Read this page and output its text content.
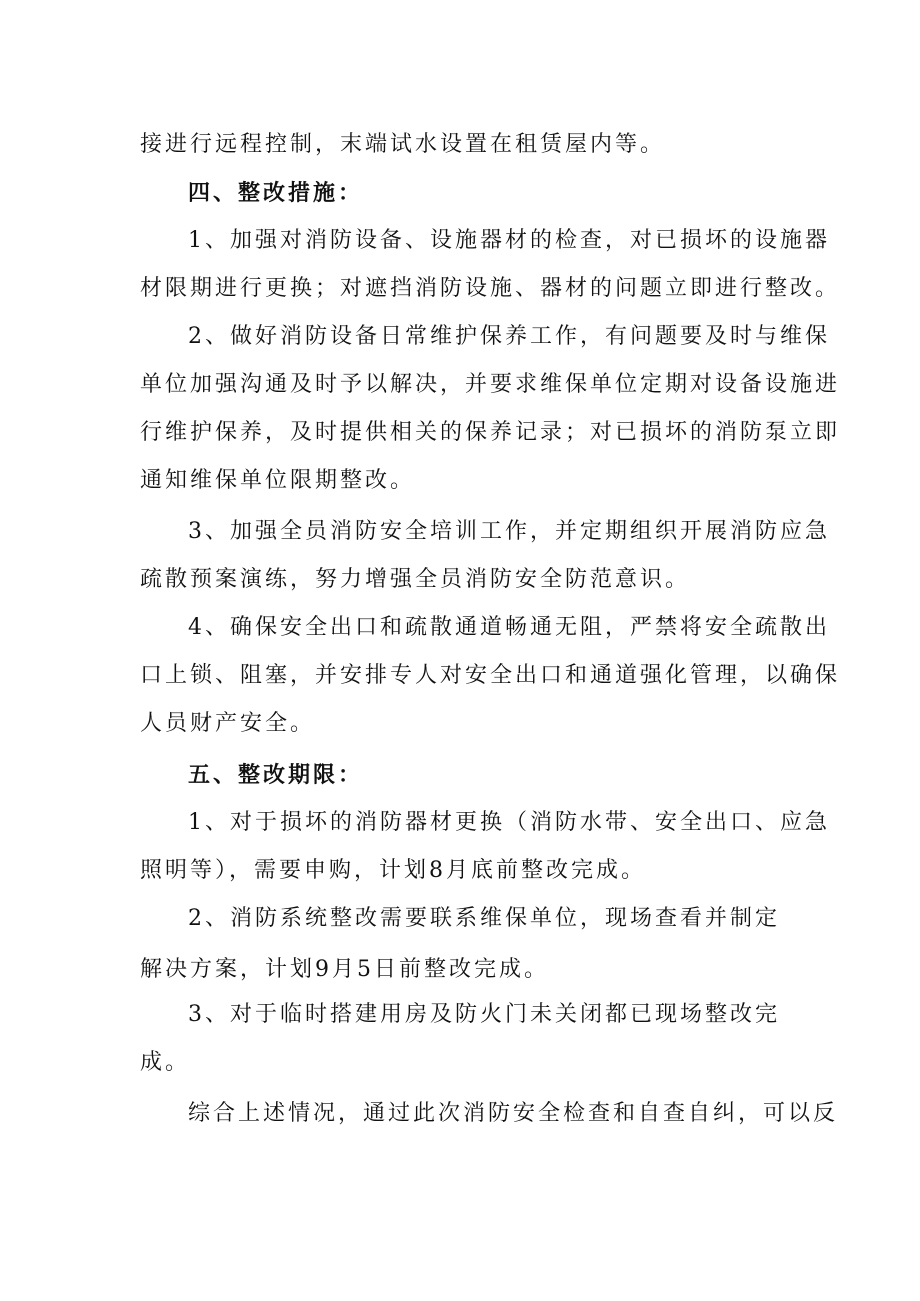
接进行远程控制，末端试水设置在租赁屋内等。
四、整改措施：
1、加强对消防设备、设施器材的检查，对已损坏的设施器
材限期进行更换；对遮挡消防设施、器材的问题立即进行整改。
2、做好消防设备日常维护保养工作，有问题要及时与维保
单位加强沟通及时予以解决，并要求维保单位定期对设备设施进
行维护保养，及时提供相关的保养记录；对已损坏的消防泵立即
通知维保单位限期整改。
3、加强全员消防安全培训工作，并定期组织开展消防应急
疏散预案演练，努力增强全员消防安全防范意识。
4、确保安全出口和疏散通道畅通无阻，严禁将安全疏散出
口上锁、阻塞，并安排专人对安全出口和通道强化管理，以确保
人员财产安全。
五、整改期限：
1、对于损坏的消防器材更换（消防水带、安全出口、应急
照明等），需要申购，计划8月底前整改完成。
2、消防系统整改需要联系维保单位，现场查看并制定
解决方案，计划9月5日前整改完成。
3、对于临时搭建用房及防火门未关闭都已现场整改完
成。
综合上述情况，通过此次消防安全检查和自查自纠，可以反
